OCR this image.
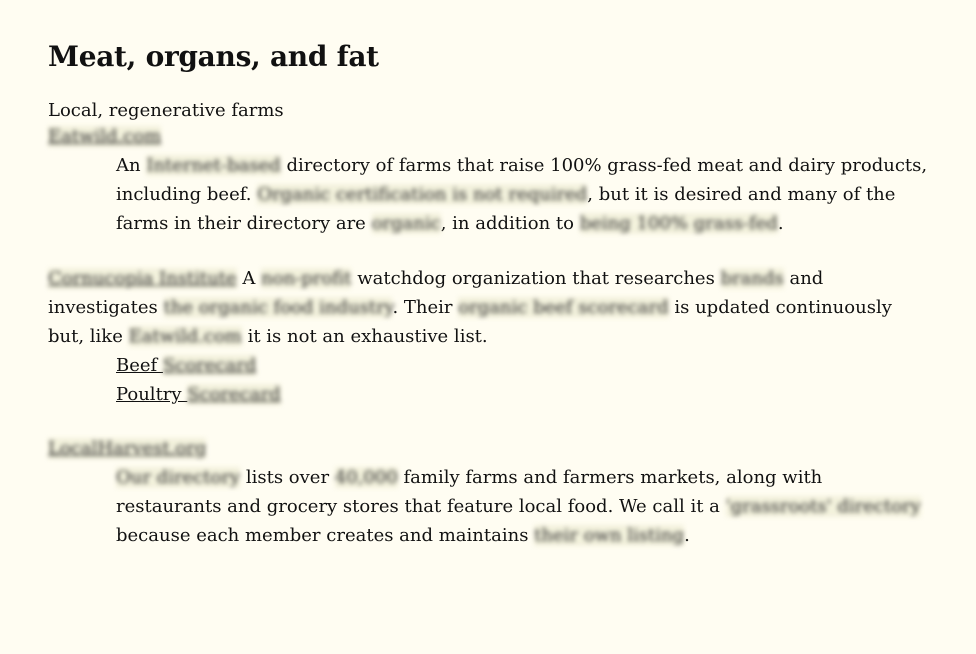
Meat, organs, and fat
Local, regenerative farms
Eatwild.com
An Internet-based directory of farms that raise 100% grass-fed meat and dairy products, including beef. Organic certification is not required, but it is desired and many of the farms in their directory are organic, in addition to being 100% grass-fed.
Cornucopia Institute A non-profit watchdog organization that researches brands and investigates the organic food industry. Their organic beef scorecard is updated continuously but, like Eatwild.com it is not an exhaustive list.
Beef Scorecard
Poultry Scorecard
LocalHarvest.org
Our directory lists over 40,000 family farms and farmers markets, along with restaurants and grocery stores that feature local food. We call it a 'grassroots' directory because each member creates and maintains their own listing.
